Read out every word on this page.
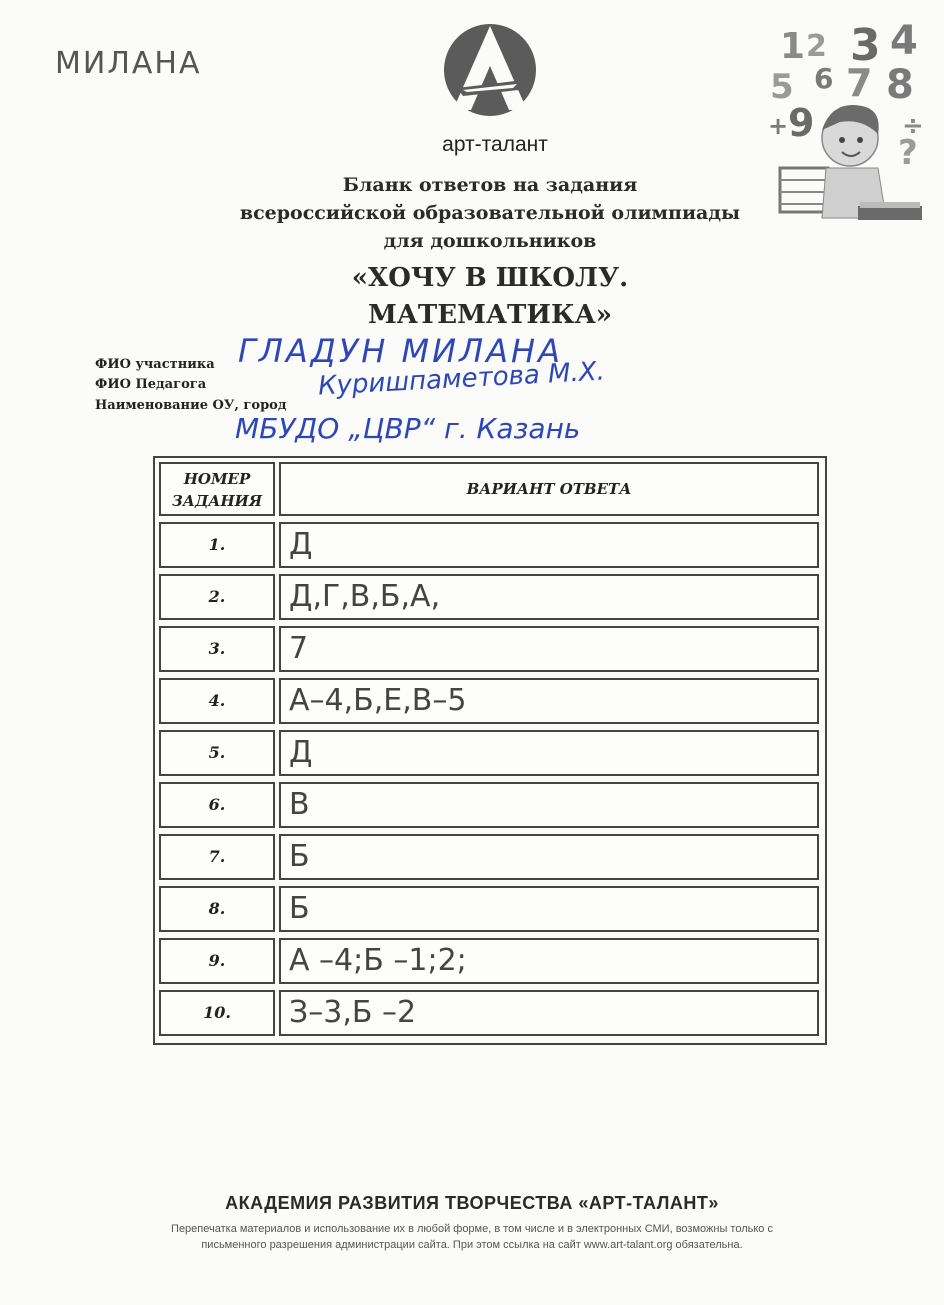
МИЛАНА
арт-талант
1 2 3 4
5 6 7 8
+ 9	÷
?
Бланк ответов на задания
всероссийской образовательной олимпиады
для дошкольников
«ХОЧУ В ШКОЛУ.
МАТЕМАТИКА»
ФИО участника ГЛАДУН МИЛАНА
ФИО Педагога	Куришпаметова М.Х.
Наименование ОУ, город
МБУДО „ЦВР“ г. Казань
НОМЕР ЗАДАНИЯ
ВАРИАНТ ОТВЕТА
1.	Д
2.	Д,Г,В,Б,А,
3.	7
4.	А–4,Б,Е,В–5
5.	Д
6.	В
7.	Б
8.	Б
9.	А –4;Б –1;2;
10.	З–3,Б –2
АКАДЕМИЯ РАЗВИТИЯ ТВОРЧЕСТВА «АРТ-ТАЛАНТ»
Перепечатка материалов и использование их в любой форме, в том числе и в электронных СМИ, возможны только с
письменного разрешения администрации сайта. При этом ссылка на сайт www.art-talant.org обязательна.
